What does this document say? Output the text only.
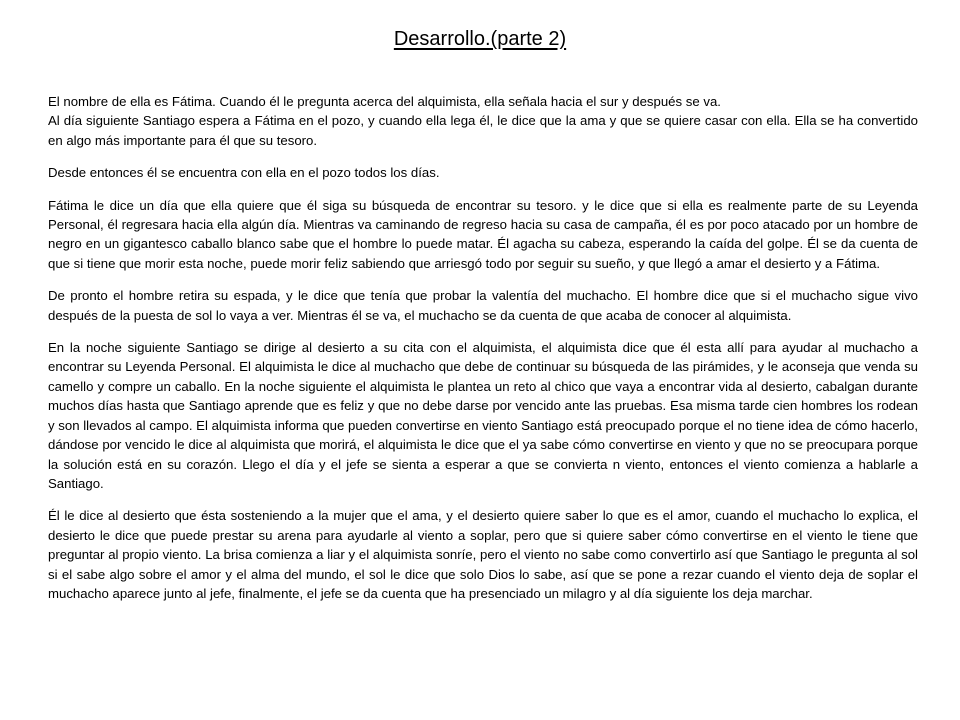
Desarrollo.(parte 2)

El nombre de ella es Fátima. Cuando él le pregunta acerca del alquimista, ella señala hacia el sur y después se va.

Al día siguiente Santiago espera a Fátima en el pozo, y cuando ella lega él, le dice que la ama y que se quiere casar con ella. Ella se ha convertido en algo más importante para él que su tesoro.

Desde entonces él se encuentra con ella en el pozo todos los días.

Fátima le dice un día que ella quiere que él siga su búsqueda de encontrar su tesoro. y le dice que si ella es realmente parte de su Leyenda Personal, él regresara hacia ella algún día. Mientras va caminando de regreso hacia su casa de campaña, él es por poco atacado por un hombre de negro en un gigantesco caballo blanco sabe que el hombre lo puede matar. Él agacha su cabeza, esperando la caída del golpe. Él se da cuenta de que si tiene que morir esta noche, puede morir feliz sabiendo que arriesgó todo por seguir su sueño, y que llegó a amar el desierto y a Fátima.

De pronto el hombre retira su espada, y le dice que tenía que probar la valentía del muchacho. El hombre dice que si el muchacho sigue vivo después de la puesta de sol lo vaya a ver. Mientras él se va, el muchacho se da cuenta de que acaba de conocer al alquimista.

En la noche siguiente Santiago se dirige al desierto a su cita con el alquimista, el alquimista dice que él esta allí para ayudar al muchacho a encontrar su Leyenda Personal. El alquimista le dice al muchacho que debe de continuar su búsqueda de las pirámides, y le aconseja que venda su camello y compre un caballo. En la noche siguiente el alquimista le plantea un reto al chico que vaya a encontrar vida al desierto, cabalgan durante muchos días hasta que Santiago aprende que es feliz y que no debe darse por vencido ante las pruebas. Esa misma tarde cien hombres los rodean y son llevados al campo. El alquimista informa que pueden convertirse en viento Santiago está preocupado porque el no tiene idea de cómo hacerlo, dándose por vencido le dice al alquimista que morirá, el alquimista le dice que el ya sabe cómo convertirse en viento y que no se preocupara porque la solución está en su corazón. Llego el día y el jefe se sienta a esperar a que se convierta n viento, entonces el viento comienza a hablarle a Santiago.

Él le dice al desierto que ésta sosteniendo a la mujer que el ama, y el desierto quiere saber lo que es el amor, cuando el muchacho lo explica, el desierto le dice que puede prestar su arena para ayudarle al viento a soplar, pero que si quiere saber cómo convertirse en el viento le tiene que preguntar al propio viento. La brisa comienza a liar y el alquimista sonríe, pero el viento no sabe como convertirlo así que Santiago le pregunta al sol si el sabe algo sobre el amor y el alma del mundo, el sol le dice que solo Dios lo sabe, así que se pone a rezar cuando el viento deja de soplar el muchacho aparece junto al jefe, finalmente, el jefe se da cuenta que ha presenciado un milagro y al día siguiente los deja marchar.
